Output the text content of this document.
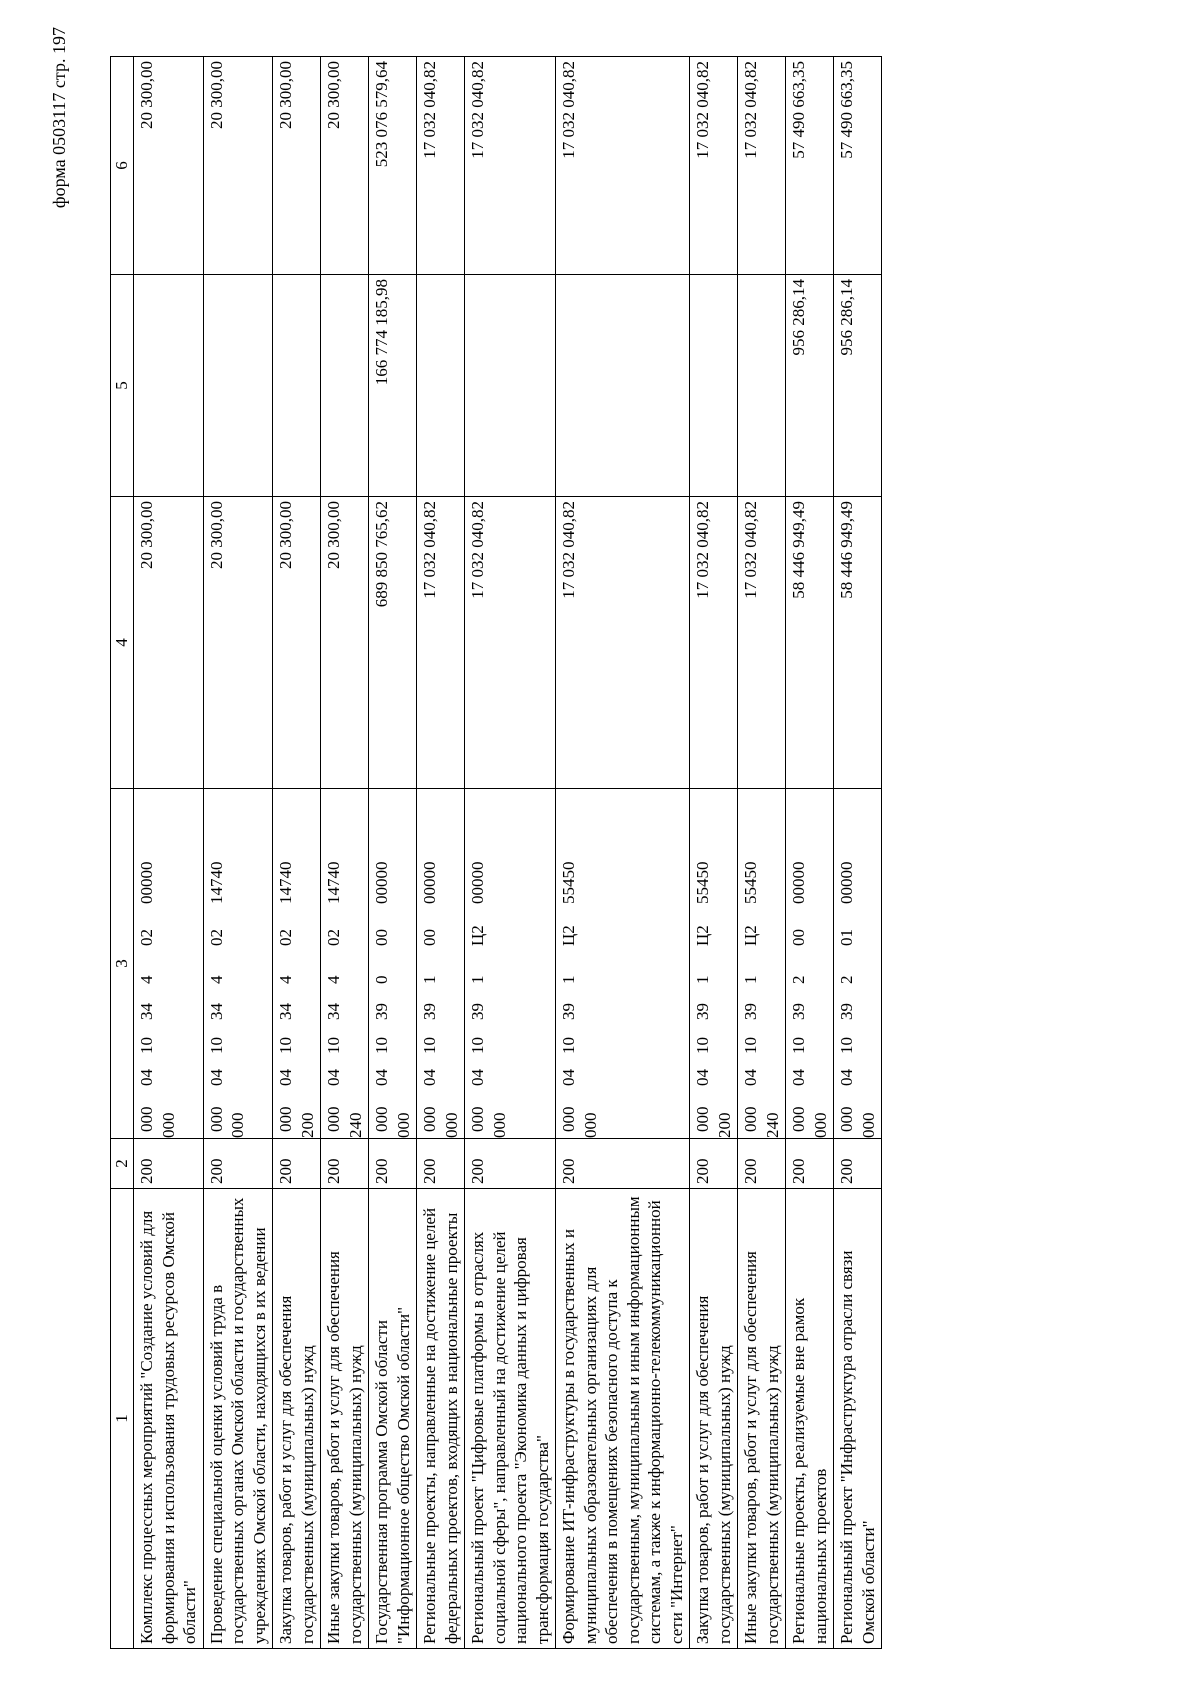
форма 0503117 стр. 197
1	2	3	4	5	6
Комплекс процессных мероприятий "Создание условий для формирования и использования трудовых ресурсов Омской области"	200	00004103440200000000	20 300,00		20 300,00
Проведение специальной оценки условий труда в государственных органах Омской области и государственных учреждениях Омской области, находящихся в их ведении	200	00004103440214740000	20 300,00		20 300,00
Закупка товаров, работ и услуг для обеспечения государственных (муниципальных) нужд	200	00004103440214740200	20 300,00		20 300,00
Иные закупки товаров, работ и услуг для обеспечения государственных (муниципальных) нужд	200	00004103440214740240	20 300,00		20 300,00
Государственная программа Омской области "Информационное общество Омской области"	200	00004103900000000000	689 850 765,62	166 774 185,98	523 076 579,64
Региональные проекты, направленные на достижение целей федеральных проектов, входящих в национальные проекты	200	00004103910000000000	17 032 040,82		17 032 040,82
Региональный проект "Цифровые платформы в отраслях социальной сферы", направленный на достижение целей национального проекта "Экономика данных и цифровая трансформация государства"	200	0000410391Ц200000000	17 032 040,82		17 032 040,82
Формирование ИТ-инфраструктуры в государственных и муниципальных образовательных организациях для обеспечения в помещениях безопасного доступа к государственным, муниципальным и иным информационным системам, а также к информационно-телекоммуникационной сети "Интернет"	200	0000410391Ц255450000	17 032 040,82		17 032 040,82
Закупка товаров, работ и услуг для обеспечения государственных (муниципальных) нужд	200	0000410391Ц255450200	17 032 040,82		17 032 040,82
Иные закупки товаров, работ и услуг для обеспечения государственных (муниципальных) нужд	200	0000410391Ц255450240	17 032 040,82		17 032 040,82
Региональные проекты, реализуемые вне рамок национальных проектов	200	00004103920000000000	58 446 949,49	956 286,14	57 490 663,35
Региональный проект "Инфраструктура отрасли связи Омской области"	200	00004103920100000000	58 446 949,49	956 286,14	57 490 663,35
